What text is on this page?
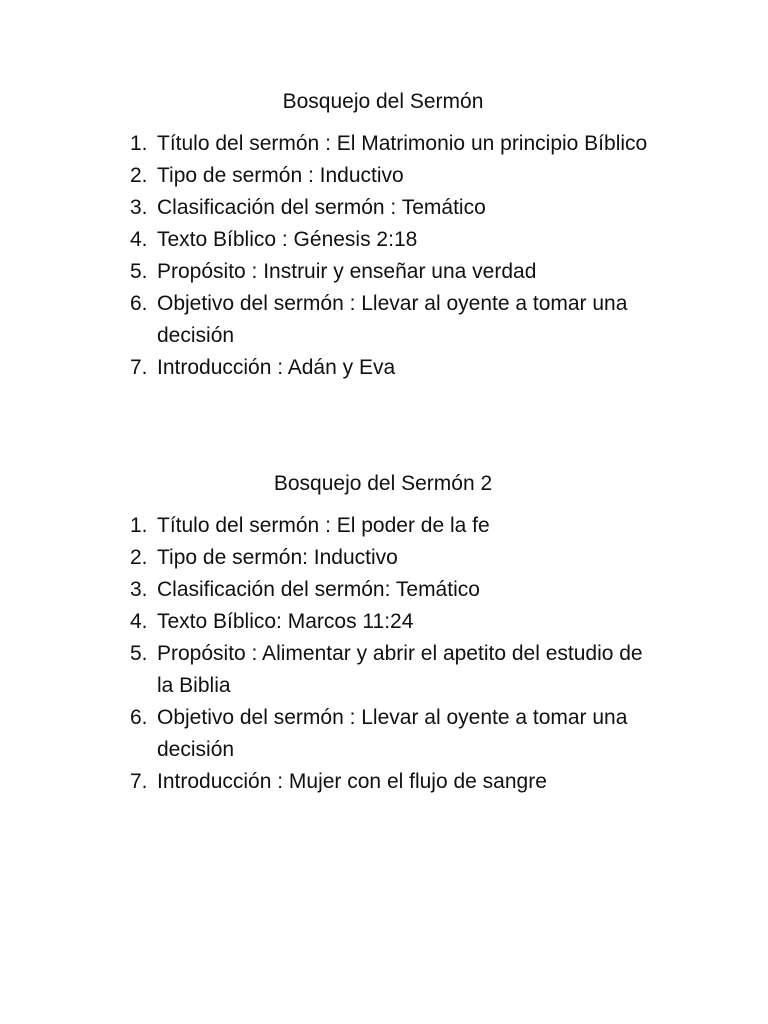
Bosquejo del Sermón
1. Título del sermón : El Matrimonio un principio Bíblico
2. Tipo de sermón : Inductivo
3. Clasificación del sermón : Temático
4. Texto Bíblico : Génesis 2:18
5. Propósito : Instruir y enseñar una verdad
6. Objetivo del sermón : Llevar al oyente a tomar una decisión
7. Introducción : Adán y Eva
Bosquejo del Sermón 2
1. Título del sermón : El poder de la fe
2. Tipo de sermón: Inductivo
3. Clasificación del sermón: Temático
4. Texto Bíblico: Marcos 11:24
5. Propósito : Alimentar y abrir el apetito del estudio de la Biblia
6. Objetivo del sermón : Llevar al oyente a tomar una decisión
7. Introducción : Mujer con el flujo de sangre
